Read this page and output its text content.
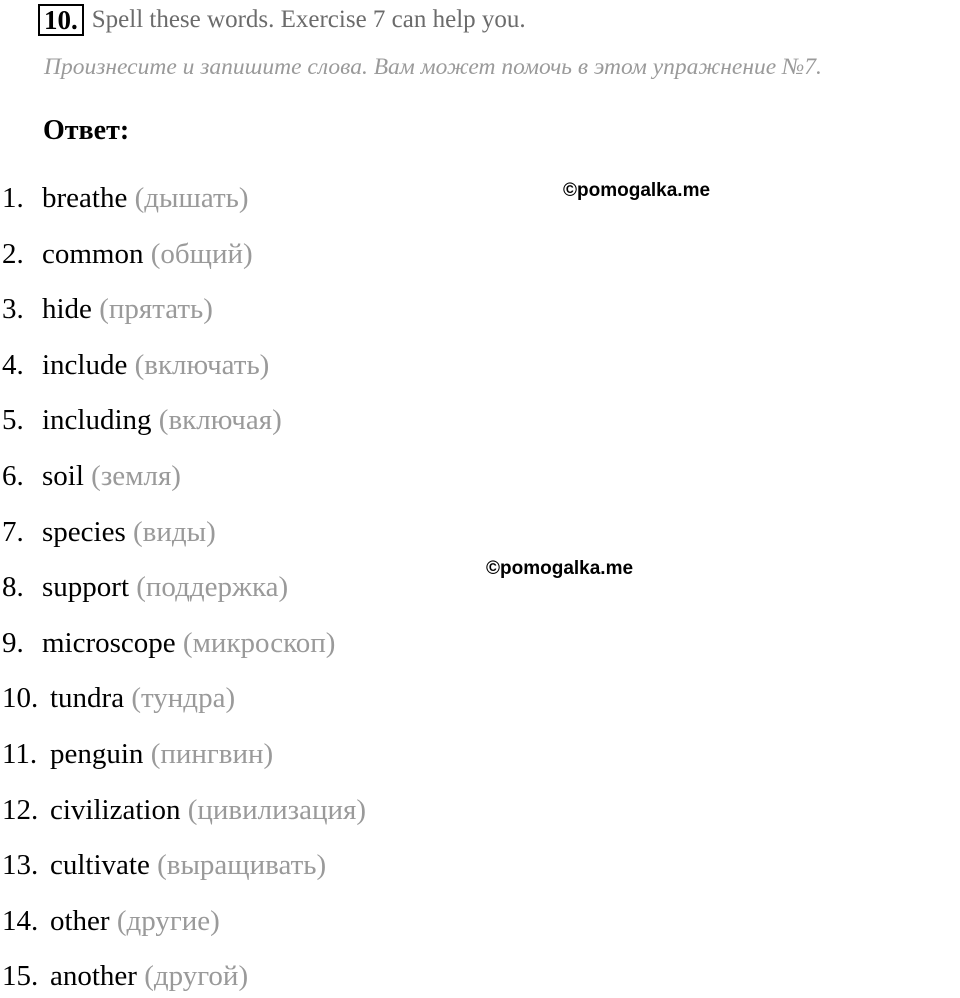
10. Spell these words. Exercise 7 can help you.
Произнесите и запишите слова. Вам может помочь в этом упражнение №7.
Ответ:
©pomogalka.me
©pomogalka.me
1. breathe (дышать)
2. common (общий)
3. hide (прятать)
4. include (включать)
5. including (включая)
6. soil (земля)
7. species (виды)
8. support (поддержка)
9. microscope (микроскоп)
10. tundra (тундра)
11. penguin (пингвин)
12. civilization (цивилизация)
13. cultivate (выращивать)
14. other (другие)
15. another (другой)
